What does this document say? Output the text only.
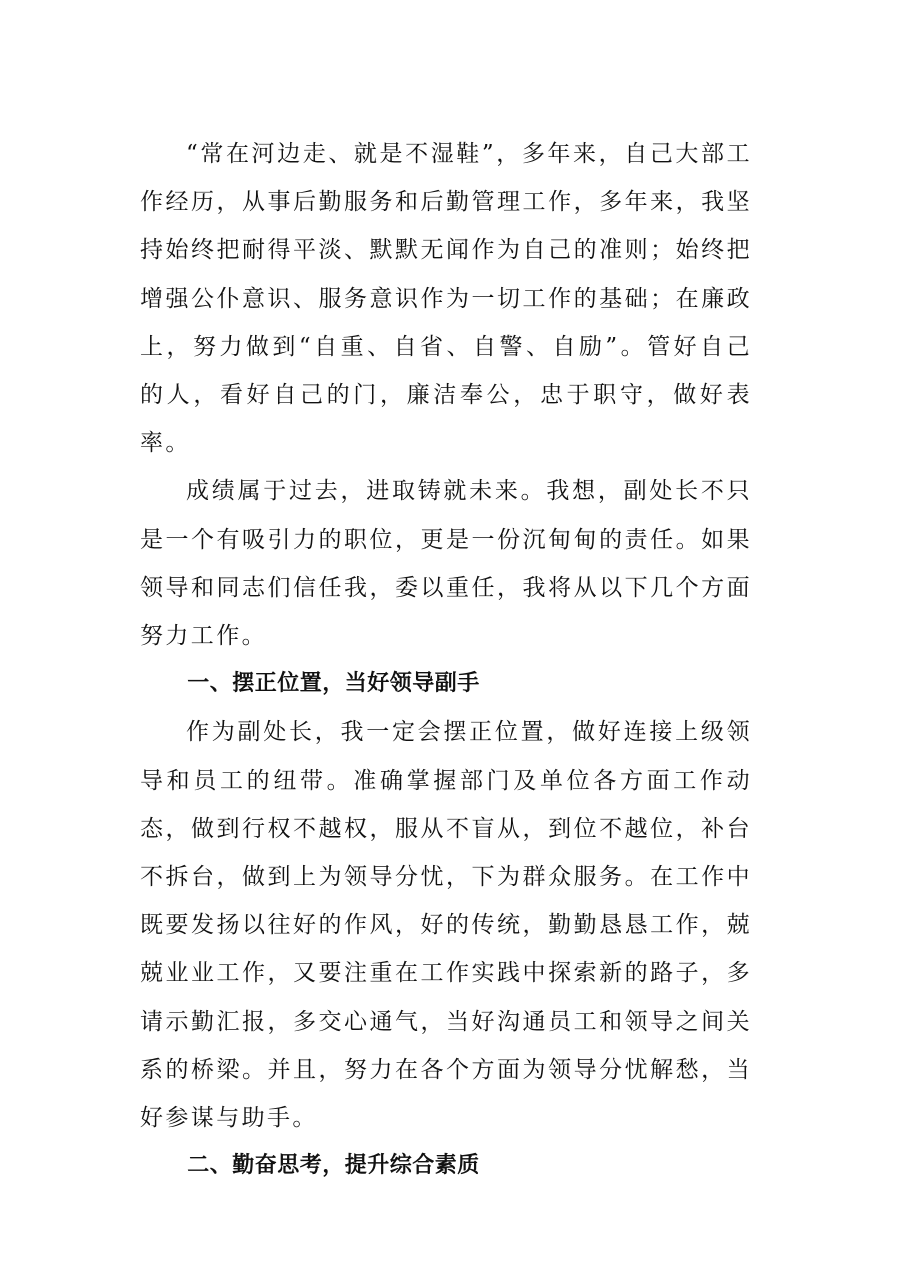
“常在河边走、就是不湿鞋”，多年来，自己大部工作经历，从事后勤服务和后勤管理工作，多年来，我坚持始终把耐得平淡、默默无闻作为自己的准则；始终把增强公仆意识、服务意识作为一切工作的基础；在廉政上，努力做到“自重、自省、自警、自励”。管好自己的人，看好自己的门，廉洁奉公，忠于职守，做好表率。

成绩属于过去，进取铸就未来。我想，副处长不只是一个有吸引力的职位，更是一份沉甸甸的责任。如果领导和同志们信任我，委以重任，我将从以下几个方面努力工作。

一、摆正位置，当好领导副手

作为副处长，我一定会摆正位置，做好连接上级领导和员工的纽带。准确掌握部门及单位各方面工作动态，做到行权不越权，服从不盲从，到位不越位，补台不拆台，做到上为领导分忧，下为群众服务。在工作中既要发扬以往好的作风，好的传统，勤勤恳恳工作，兢兢业业工作，又要注重在工作实践中探索新的路子，多请示勤汇报，多交心通气，当好沟通员工和领导之间关系的桥梁。并且，努力在各个方面为领导分忧解愁，当好参谋与助手。

二、勤奋思考，提升综合素质
